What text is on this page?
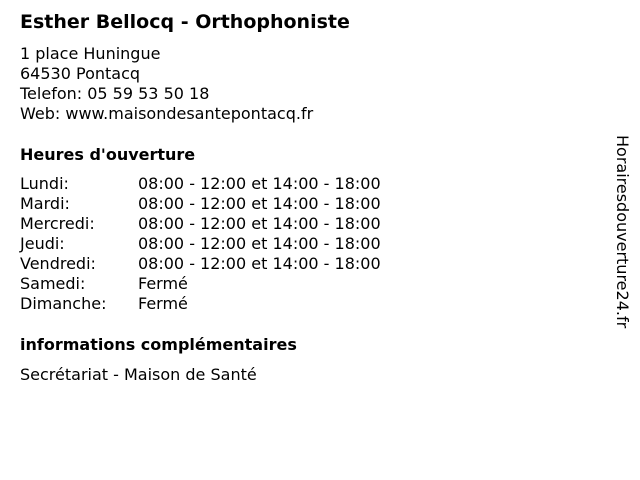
Esther Bellocq - Orthophoniste
1 place Huningue
64530 Pontacq
Telefon: 05 59 53 50 18
Web: www.maisondesantepontacq.fr
Heures d'ouverture
Lundi:	08:00 - 12:00 et 14:00 - 18:00
Mardi:	08:00 - 12:00 et 14:00 - 18:00
Mercredi:	08:00 - 12:00 et 14:00 - 18:00
Jeudi:	08:00 - 12:00 et 14:00 - 18:00
Vendredi:	08:00 - 12:00 et 14:00 - 18:00
Samedi:	Fermé
Dimanche:	Fermé
informations complémentaires
Secrétariat - Maison de Santé
Horairesdouverture24.fr
